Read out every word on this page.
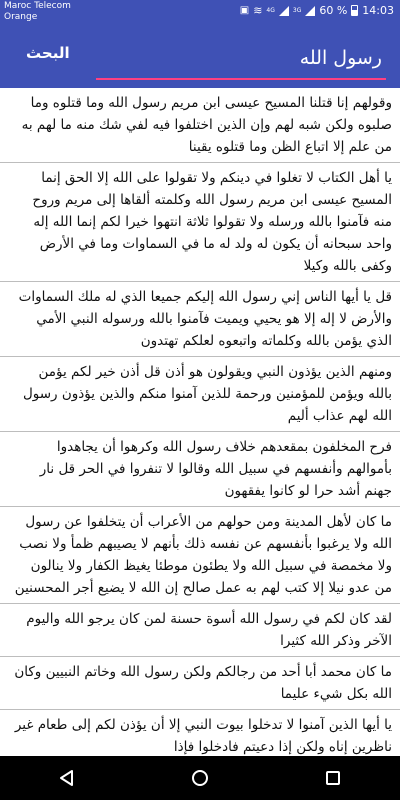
Maroc Telecom
Orange
▣ ≋ 4G	3G 60 % 14:03
البحث
رسول الله
وقولهم إنا قتلنا المسيح عيسى ابن مريم رسول الله وما قتلوه وما صلبوه ولكن شبه لهم وإن الذين اختلفوا فيه لفي شك منه ما لهم به من علم إلا اتباع الظن وما قتلوه يقينا
يا أهل الكتاب لا تغلوا في دينكم ولا تقولوا على الله إلا الحق إنما المسيح عيسى ابن مريم رسول الله وكلمته ألقاها إلى مريم وروح منه فآمنوا بالله ورسله ولا تقولوا ثلاثة انتهوا خيرا لكم إنما الله إله واحد سبحانه أن يكون له ولد له ما في السماوات وما في الأرض وكفى بالله وكيلا
قل يا أيها الناس إني رسول الله إليكم جميعا الذي له ملك السماوات والأرض لا إله إلا هو يحيي ويميت فآمنوا بالله ورسوله النبي الأمي الذي يؤمن بالله وكلماته واتبعوه لعلكم تهتدون
ومنهم الذين يؤذون النبي ويقولون هو أذن قل أذن خير لكم يؤمن بالله ويؤمن للمؤمنين ورحمة للذين آمنوا منكم والذين يؤذون رسول الله لهم عذاب أليم
فرح المخلفون بمقعدهم خلاف رسول الله وكرهوا أن يجاهدوا بأموالهم وأنفسهم في سبيل الله وقالوا لا تنفروا في الحر قل نار جهنم أشد حرا لو كانوا يفقهون
ما كان لأهل المدينة ومن حولهم من الأعراب أن يتخلفوا عن رسول الله ولا يرغبوا بأنفسهم عن نفسه ذلك بأنهم لا يصيبهم ظمأ ولا نصب ولا مخمصة في سبيل الله ولا يطئون موطئا يغيظ الكفار ولا ينالون من عدو نيلا إلا كتب لهم به عمل صالح إن الله لا يضيع أجر المحسنين
لقد كان لكم في رسول الله أسوة حسنة لمن كان يرجو الله واليوم الآخر وذكر الله كثيرا
ما كان محمد أبا أحد من رجالكم ولكن رسول الله وخاتم النبيين وكان الله بكل شيء عليما
يا أيها الذين آمنوا لا تدخلوا بيوت النبي إلا أن يؤذن لكم إلى طعام غير ناظرين إناه ولكن إذا دعيتم فادخلوا فإذا
